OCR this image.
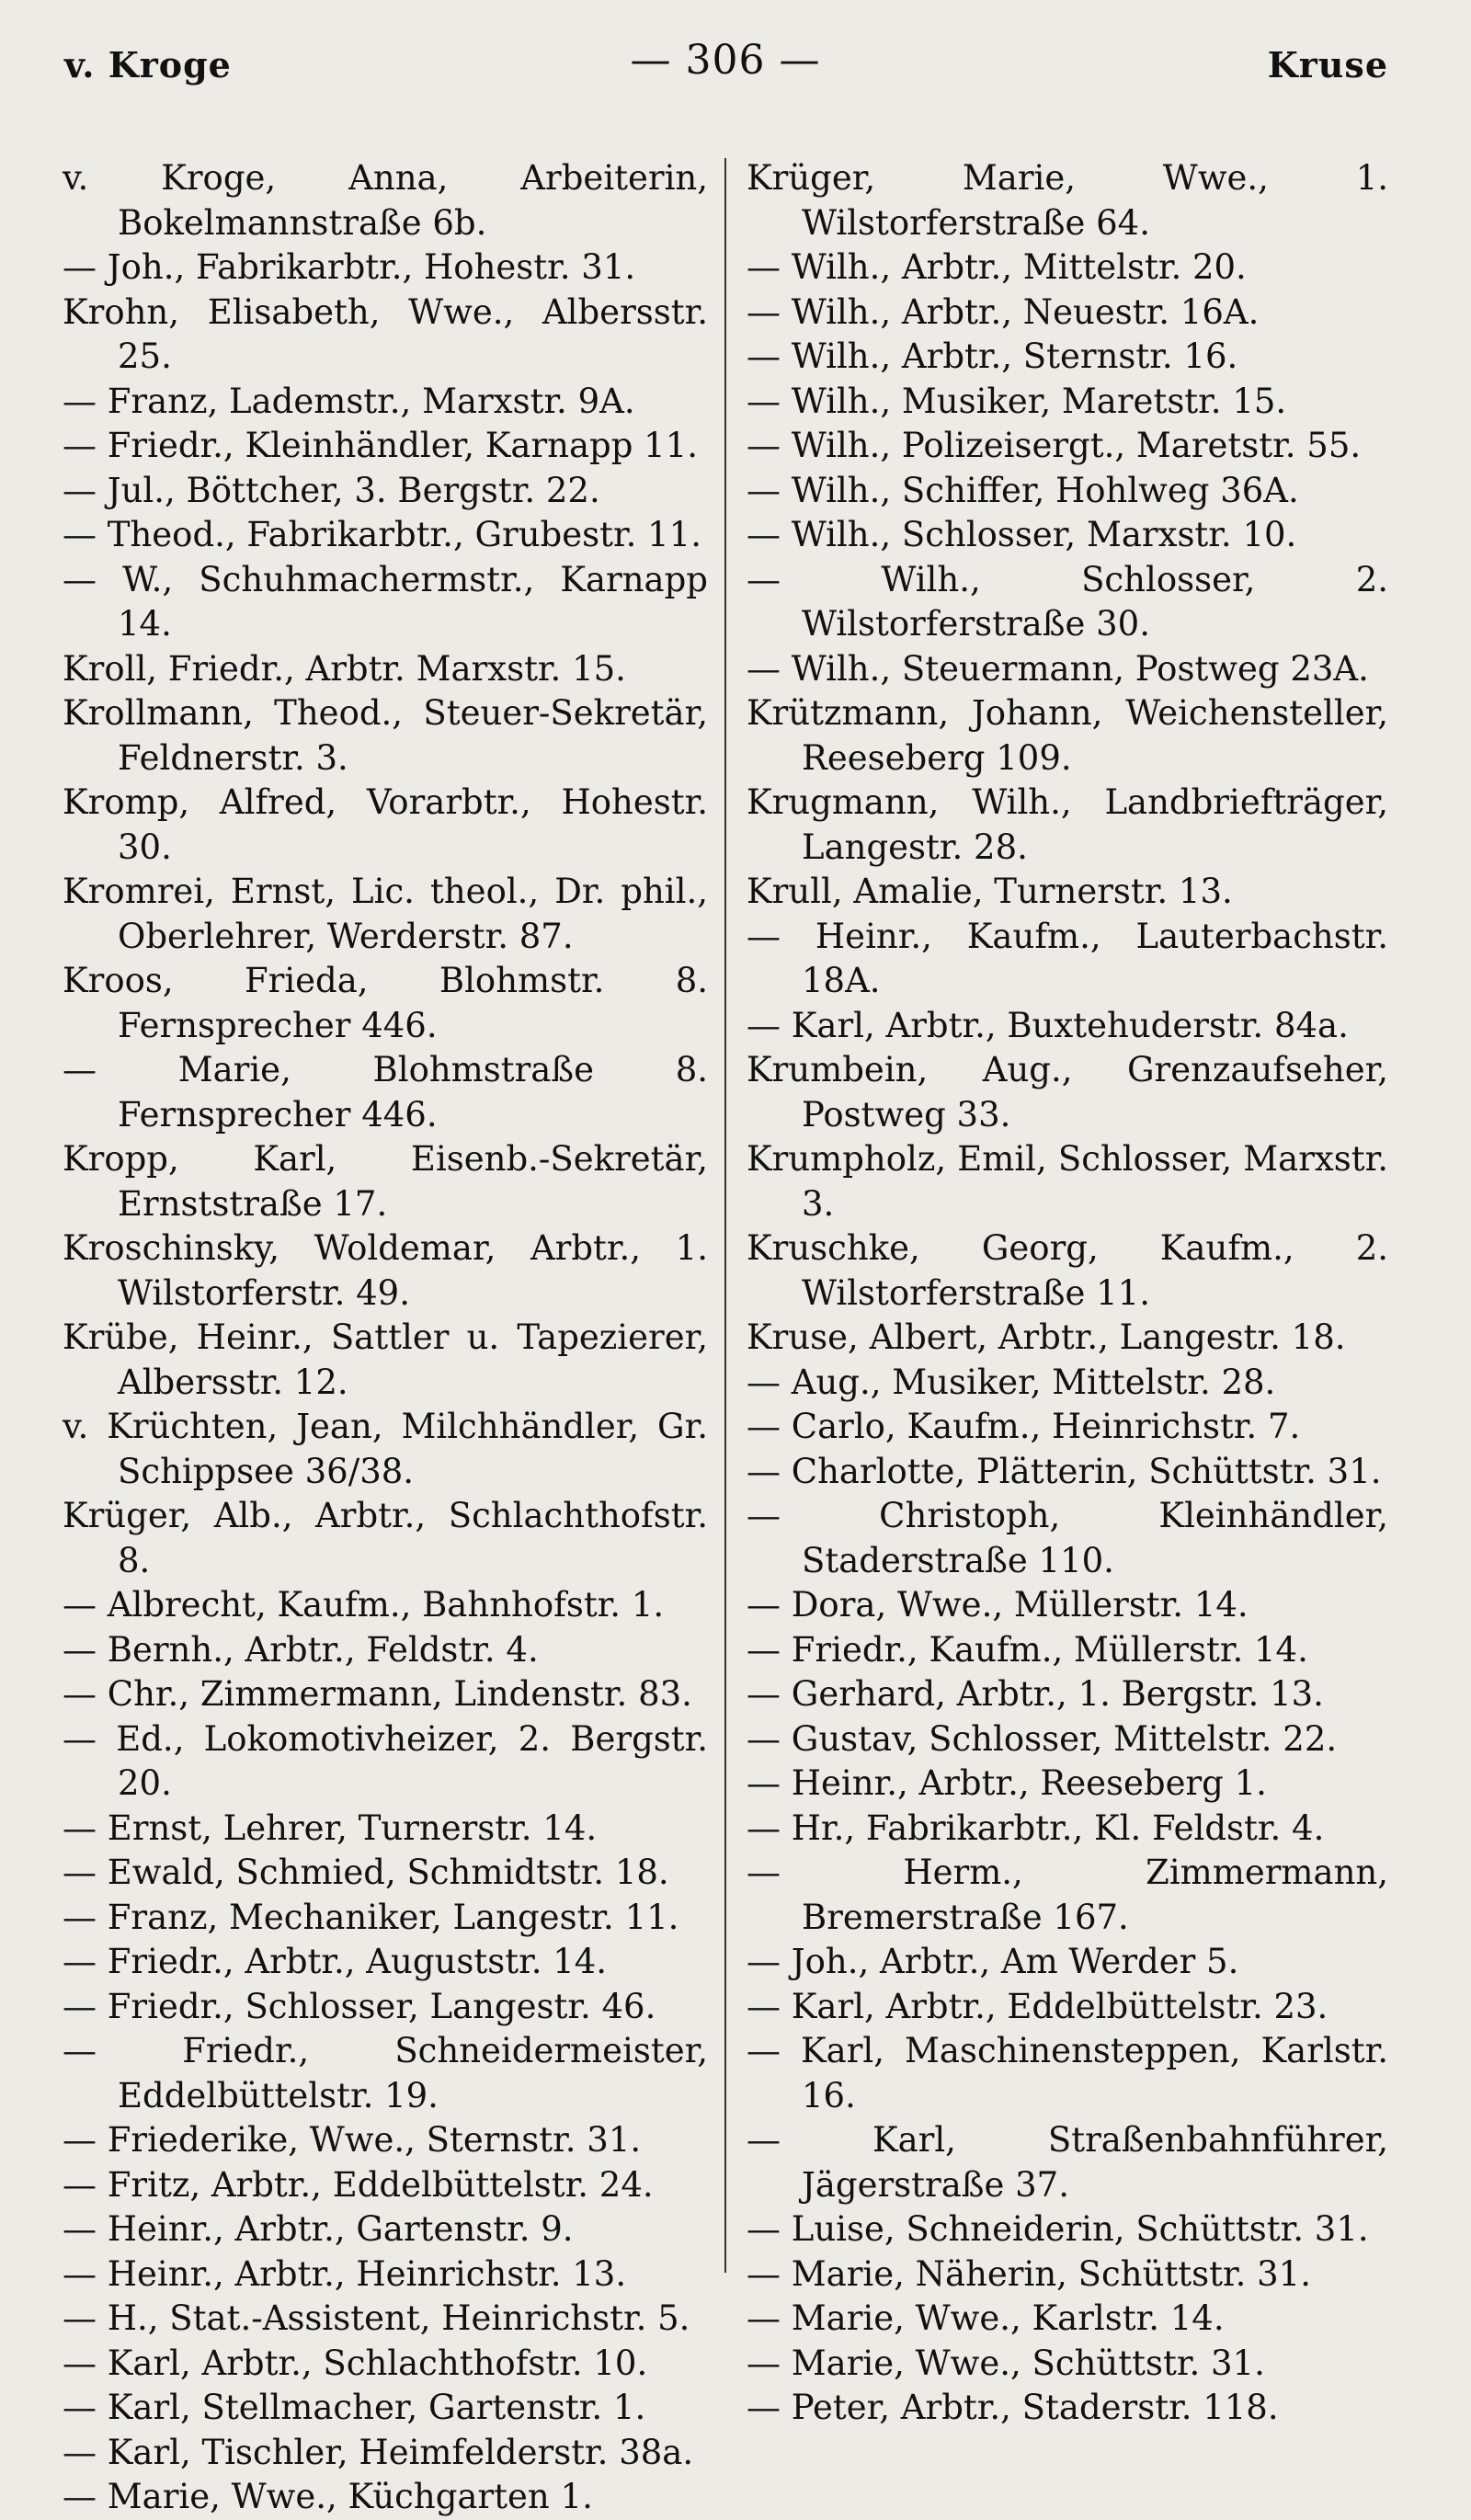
v. Kroge	— 306 —	Kruse
v. Kroge, Anna, Arbeiterin, Bokelmannstraße 6b.
— Joh., Fabrikarbtr., Hohestr. 31.
Krohn, Elisabeth, Wwe., Albersstr. 25.
— Franz, Lademstr., Marxstr. 9A.
— Friedr., Kleinhändler, Karnapp 11.
— Jul., Böttcher, 3. Bergstr. 22.
— Theod., Fabrikarbtr., Grubestr. 11.
— W., Schuhmachermstr., Karnapp 14.
Kroll, Friedr., Arbtr. Marxstr. 15.
Krollmann, Theod., Steuer-Sekretär, Feldnerstr. 3.
Kromp, Alfred, Vorarbtr., Hohestr. 30.
Kromrei, Ernst, Lic. theol., Dr. phil., Oberlehrer, Werderstr. 87.
Kroos, Frieda, Blohmstr. 8. Fernsprecher 446.
— Marie, Blohmstraße 8. Fernsprecher 446.
Kropp, Karl, Eisenb.-Sekretär, Ernststraße 17.
Kroschinsky, Woldemar, Arbtr., 1. Wilstorferstr. 49.
Krübe, Heinr., Sattler u. Tapezierer, Albersstr. 12.
v. Krüchten, Jean, Milchhändler, Gr. Schippsee 36/38.
Krüger, Alb., Arbtr., Schlachthofstr. 8.
— Albrecht, Kaufm., Bahnhofstr. 1.
— Bernh., Arbtr., Feldstr. 4.
— Chr., Zimmermann, Lindenstr. 83.
— Ed., Lokomotivheizer, 2. Bergstr. 20.
— Ernst, Lehrer, Turnerstr. 14.
— Ewald, Schmied, Schmidtstr. 18.
— Franz, Mechaniker, Langestr. 11.
— Friedr., Arbtr., Auguststr. 14.
— Friedr., Schlosser, Langestr. 46.
— Friedr., Schneidermeister, Eddelbüttelstr. 19.
— Friederike, Wwe., Sternstr. 31.
— Fritz, Arbtr., Eddelbüttelstr. 24.
— Heinr., Arbtr., Gartenstr. 9.
— Heinr., Arbtr., Heinrichstr. 13.
— H., Stat.-Assistent, Heinrichstr. 5.
— Karl, Arbtr., Schlachthofstr. 10.
— Karl, Stellmacher, Gartenstr. 1.
— Karl, Tischler, Heimfelderstr. 38a.
— Marie, Wwe., Küchgarten 1.
Krüger, Marie, Wwe., 1. Wilstorferstraße 64.
— Wilh., Arbtr., Mittelstr. 20.
— Wilh., Arbtr., Neuestr. 16A.
— Wilh., Arbtr., Sternstr. 16.
— Wilh., Musiker, Maretstr. 15.
— Wilh., Polizeisergt., Maretstr. 55.
— Wilh., Schiffer, Hohlweg 36A.
— Wilh., Schlosser, Marxstr. 10.
— Wilh., Schlosser, 2. Wilstorferstraße 30.
— Wilh., Steuermann, Postweg 23A.
Krützmann, Johann, Weichensteller, Reeseberg 109.
Krugmann, Wilh., Landbriefträger, Langestr. 28.
Krull, Amalie, Turnerstr. 13.
— Heinr., Kaufm., Lauterbachstr. 18A.
— Karl, Arbtr., Buxtehuderstr. 84a.
Krumbein, Aug., Grenzaufseher, Postweg 33.
Krumpholz, Emil, Schlosser, Marxstr. 3.
Kruschke, Georg, Kaufm., 2. Wilstorferstraße 11.
Kruse, Albert, Arbtr., Langestr. 18.
— Aug., Musiker, Mittelstr. 28.
— Carlo, Kaufm., Heinrichstr. 7.
— Charlotte, Plätterin, Schüttstr. 31.
— Christoph, Kleinhändler, Staderstraße 110.
— Dora, Wwe., Müllerstr. 14.
— Friedr., Kaufm., Müllerstr. 14.
— Gerhard, Arbtr., 1. Bergstr. 13.
— Gustav, Schlosser, Mittelstr. 22.
— Heinr., Arbtr., Reeseberg 1.
— Hr., Fabrikarbtr., Kl. Feldstr. 4.
— Herm., Zimmermann, Bremerstraße 167.
— Joh., Arbtr., Am Werder 5.
— Karl, Arbtr., Eddelbüttelstr. 23.
— Karl, Maschinensteppen, Karlstr. 16.
— Karl, Straßenbahnführer, Jägerstraße 37.
— Luise, Schneiderin, Schüttstr. 31.
— Marie, Näherin, Schüttstr. 31.
— Marie, Wwe., Karlstr. 14.
— Marie, Wwe., Schüttstr. 31.
— Peter, Arbtr., Staderstr. 118.
